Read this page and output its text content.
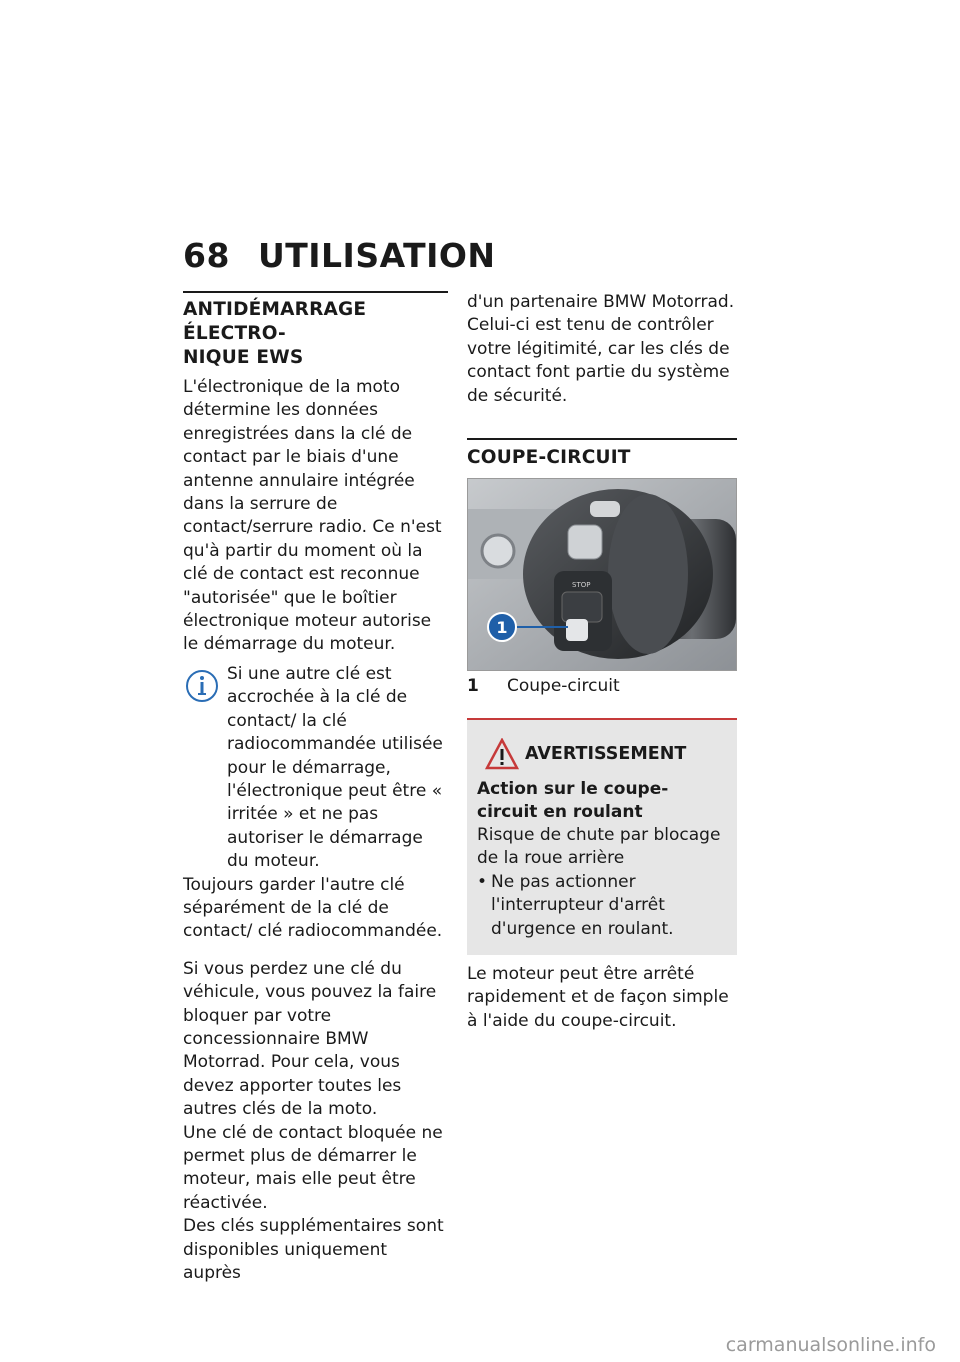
68 UTILISATION
ANTIDÉMARRAGE ÉLECTRO-
NIQUE EWS

L'électronique de la moto détermine les données enregistrées dans la clé de contact par le biais d'une antenne annulaire intégrée dans la serrure de contact/serrure radio. Ce n'est qu'à partir du moment où la clé de contact est reconnue "autorisée" que le boîtier électronique moteur autorise le démarrage du moteur.

Si une autre clé est accrochée à la clé de contact/ la clé radiocommandée utilisée pour le démarrage, l'électronique peut être « irritée » et ne pas autoriser le démarrage du moteur.

Toujours garder l'autre clé séparément de la clé de contact/ clé radiocommandée.

Si vous perdez une clé du véhicule, vous pouvez la faire bloquer par votre concessionnaire BMW Motorrad. Pour cela, vous devez apporter toutes les autres clés de la moto.

Une clé de contact bloquée ne permet plus de démarrer le moteur, mais elle peut être réactivée.

Des clés supplémentaires sont disponibles uniquement auprès

d'un partenaire BMW Motorrad. Celui-ci est tenu de contrôler votre légitimité, car les clés de contact font partie du système de sécurité.

COUPE-CIRCUIT
STOP
1
1	Coupe-circuit
AVERTISSEMENT
Action sur le coupe-circuit en roulant

Risque de chute par blocage de la roue arrière

• Ne pas actionner l'interrupteur d'arrêt d'urgence en roulant.

Le moteur peut être arrêté rapidement et de façon simple à l'aide du coupe-circuit.

carmanualsonline.info
